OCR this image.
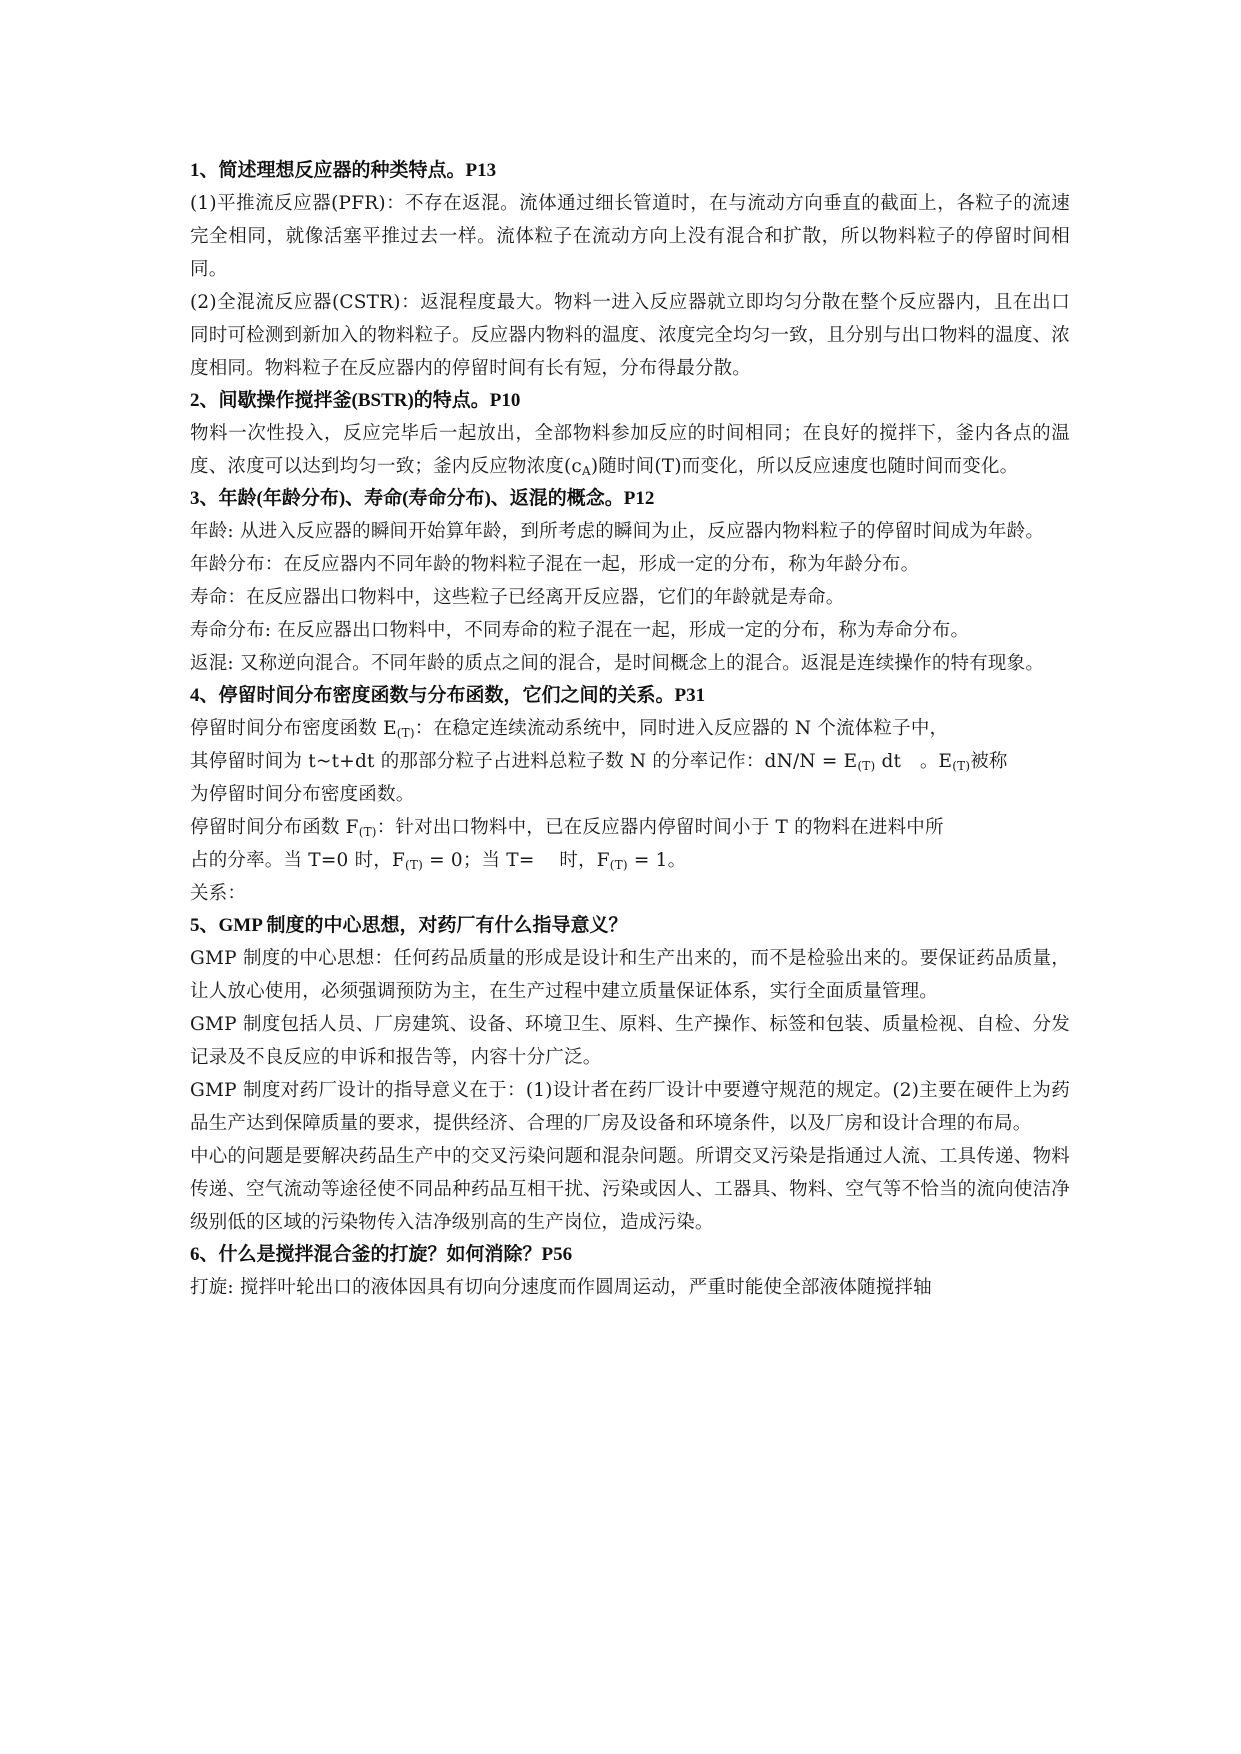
1、简述理想反应器的种类特点。P13

(1)平推流反应器(PFR)：不存在返混。流体通过细长管道时，在与流动方向垂直的截面上，各粒子的流速完全相同，就像活塞平推过去一样。流体粒子在流动方向上没有混合和扩散，所以物料粒子的停留时间相同。

(2)全混流反应器(CSTR)：返混程度最大。物料一进入反应器就立即均匀分散在整个反应器内，且在出口同时可检测到新加入的物料粒子。反应器内物料的温度、浓度完全均匀一致，且分别与出口物料的温度、浓度相同。物料粒子在反应器内的停留时间有长有短，分布得最分散。

2、间歇操作搅拌釜(BSTR)的特点。P10

物料一次性投入，反应完毕后一起放出，全部物料参加反应的时间相同；在良好的搅拌下，釜内各点的温度、浓度可以达到均匀一致；釜内反应物浓度$(c_A)$随时间(T)而变化，所以反应速度也随时间而变化。

3、年龄(年龄分布)、寿命(寿命分布)、返混的概念。P12

年龄: 从进入反应器的瞬间开始算年龄，到所考虑的瞬间为止，反应器内物料粒子的停留时间成为年龄。

年龄分布：在反应器内不同年龄的物料粒子混在一起，形成一定的分布，称为年龄分布。

寿命：在反应器出口物料中，这些粒子已经离开反应器，它们的年龄就是寿命。

寿命分布: 在反应器出口物料中，不同寿命的粒子混在一起，形成一定的分布，称为寿命分布。

返混: 又称逆向混合。不同年龄的质点之间的混合，是时间概念上的混合。返混是连续操作的特有现象。

4、停留时间分布密度函数与分布函数，它们之间的关系。P31

停留时间分布密度函数 $E_{(T)}$：在稳定连续流动系统中，同时进入反应器的 N 个流体粒子中，
其停留时间为 t~t+dt 的那部分粒子占进料总粒子数 N 的分率记作：$dN/N = E_{(T)}$ dt　。$E_{(T)}$被称
为停留时间分布密度函数。

停留时间分布函数 $F_{(T)}$：针对出口物料中，已在反应器内停留时间小于 T 的物料在进料中所
占的分率。当 T=0 时，$F_{(T)} = 0$；当 T=　 时，$F_{(T)} = 1$。

关系：

5、GMP 制度的中心思想，对药厂有什么指导意义？

GMP 制度的中心思想：任何药品质量的形成是设计和生产出来的，而不是检验出来的。要保证药品质量，让人放心使用，必须强调预防为主，在生产过程中建立质量保证体系，实行全面质量管理。

GMP 制度包括人员、厂房建筑、设备、环境卫生、原料、生产操作、标签和包装、质量检视、自检、分发记录及不良反应的申诉和报告等，内容十分广泛。

GMP 制度对药厂设计的指导意义在于：(1)设计者在药厂设计中要遵守规范的规定。(2)主要在硬件上为药品生产达到保障质量的要求，提供经济、合理的厂房及设备和环境条件，以及厂房和设计合理的布局。

中心的问题是要解决药品生产中的交叉污染问题和混杂问题。所谓交叉污染是指通过人流、工具传递、物料传递、空气流动等途径使不同品种药品互相干扰、污染或因人、工器具、物料、空气等不恰当的流向使洁净级别低的区域的污染物传入洁净级别高的生产岗位，造成污染。

6、什么是搅拌混合釜的打旋？如何消除？P56

打旋: 搅拌叶轮出口的液体因具有切向分速度而作圆周运动，严重时能使全部液体随搅拌轴
